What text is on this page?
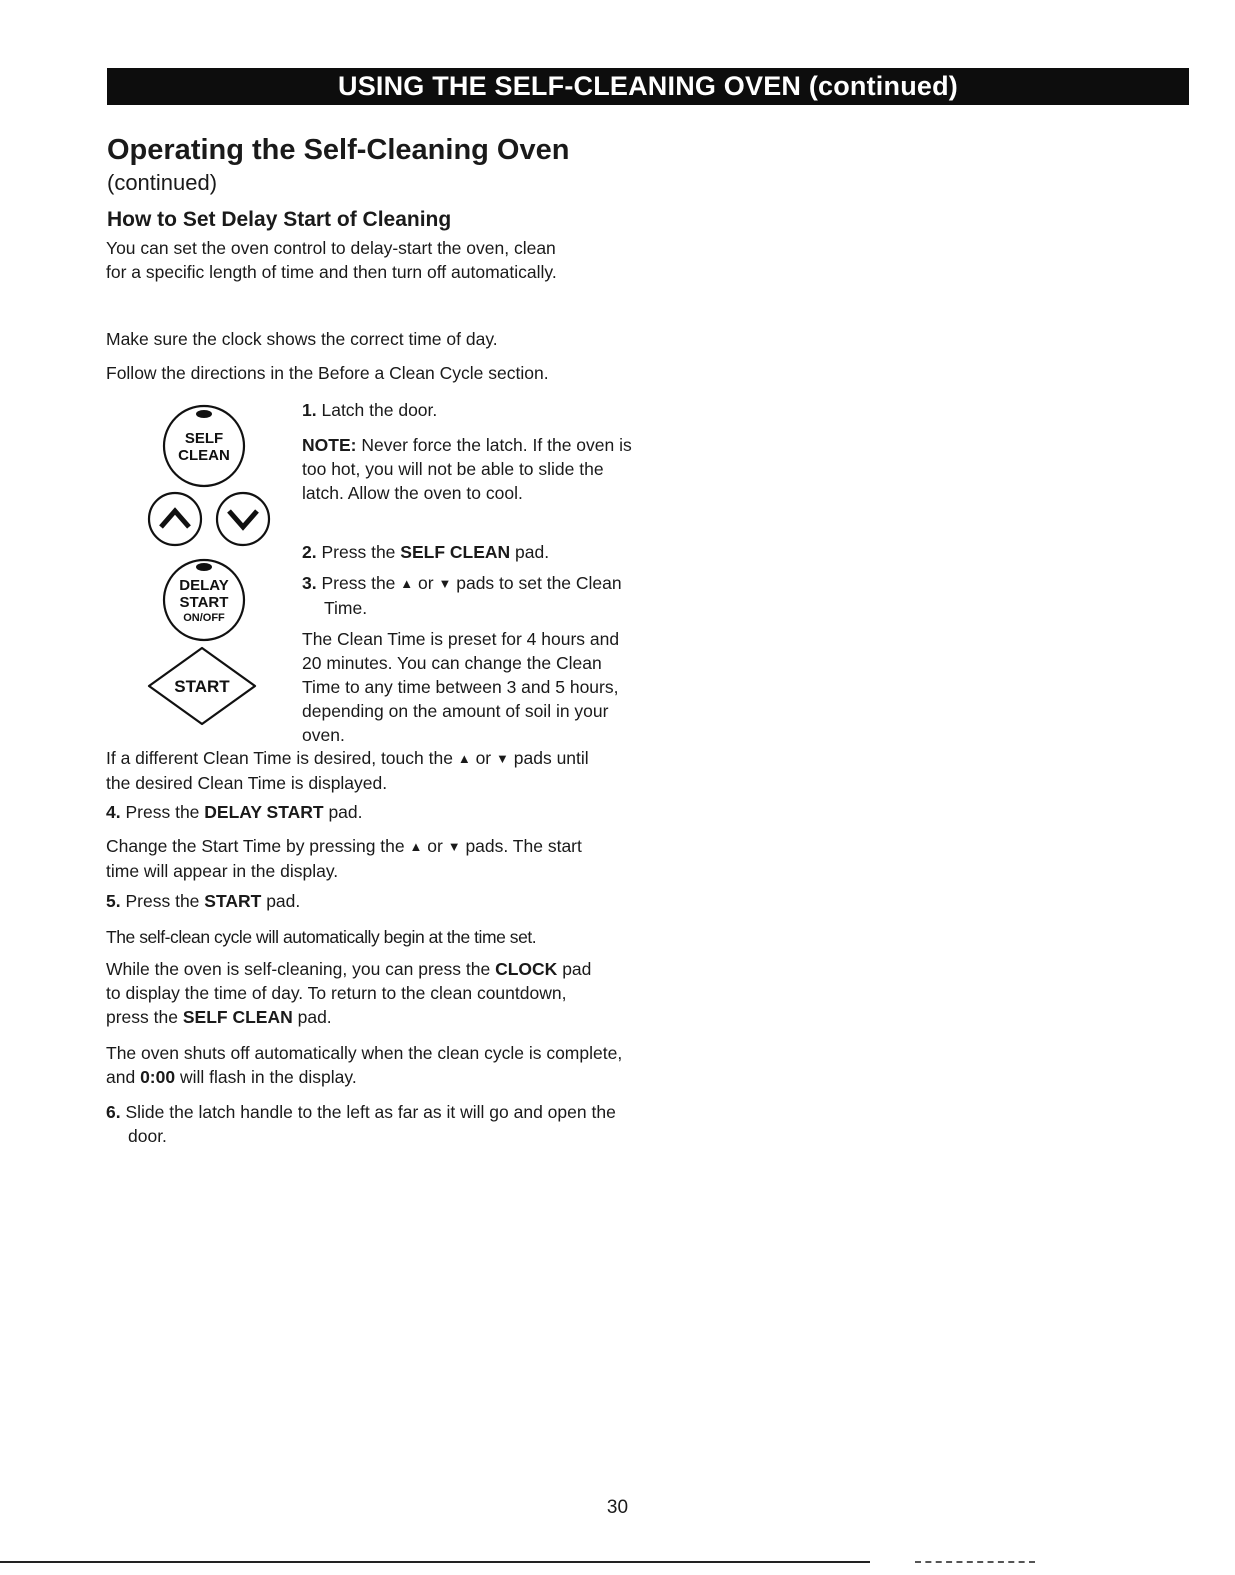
USING THE SELF-CLEANING OVEN (continued)
Operating the Self-Cleaning Oven
(continued)
How to Set Delay Start of Cleaning

You can set the oven control to delay-start the oven, clean for a specific length of time and then turn off automatically.

Make sure the clock shows the correct time of day.

Follow the directions in the Before a Clean Cycle section.

SELF
CLEAN
DELAY
START
ON/OFF
START

1. Latch the door.

NOTE: Never force the latch. If the oven is too hot, you will not be able to slide the latch. Allow the oven to cool.

2. Press the SELF CLEAN pad.

3. Press the ▲ or ▼ pads to set the Clean Time.

The Clean Time is preset for 4 hours and 20 minutes. You can change the Clean Time to any time between 3 and 5 hours, depending on the amount of soil in your oven.

If a different Clean Time is desired, touch the ▲ or ▼ pads until the desired Clean Time is displayed.

4. Press the DELAY START pad.

Change the Start Time by pressing the ▲ or ▼ pads. The start time will appear in the display.

5. Press the START pad.

The self-clean cycle will automatically begin at the time set.

While the oven is self-cleaning, you can press the CLOCK pad to display the time of day. To return to the clean countdown, press the SELF CLEAN pad.

The oven shuts off automatically when the clean cycle is complete, and 0:00 will flash in the display.

6. Slide the latch handle to the left as far as it will go and open the door.

30
